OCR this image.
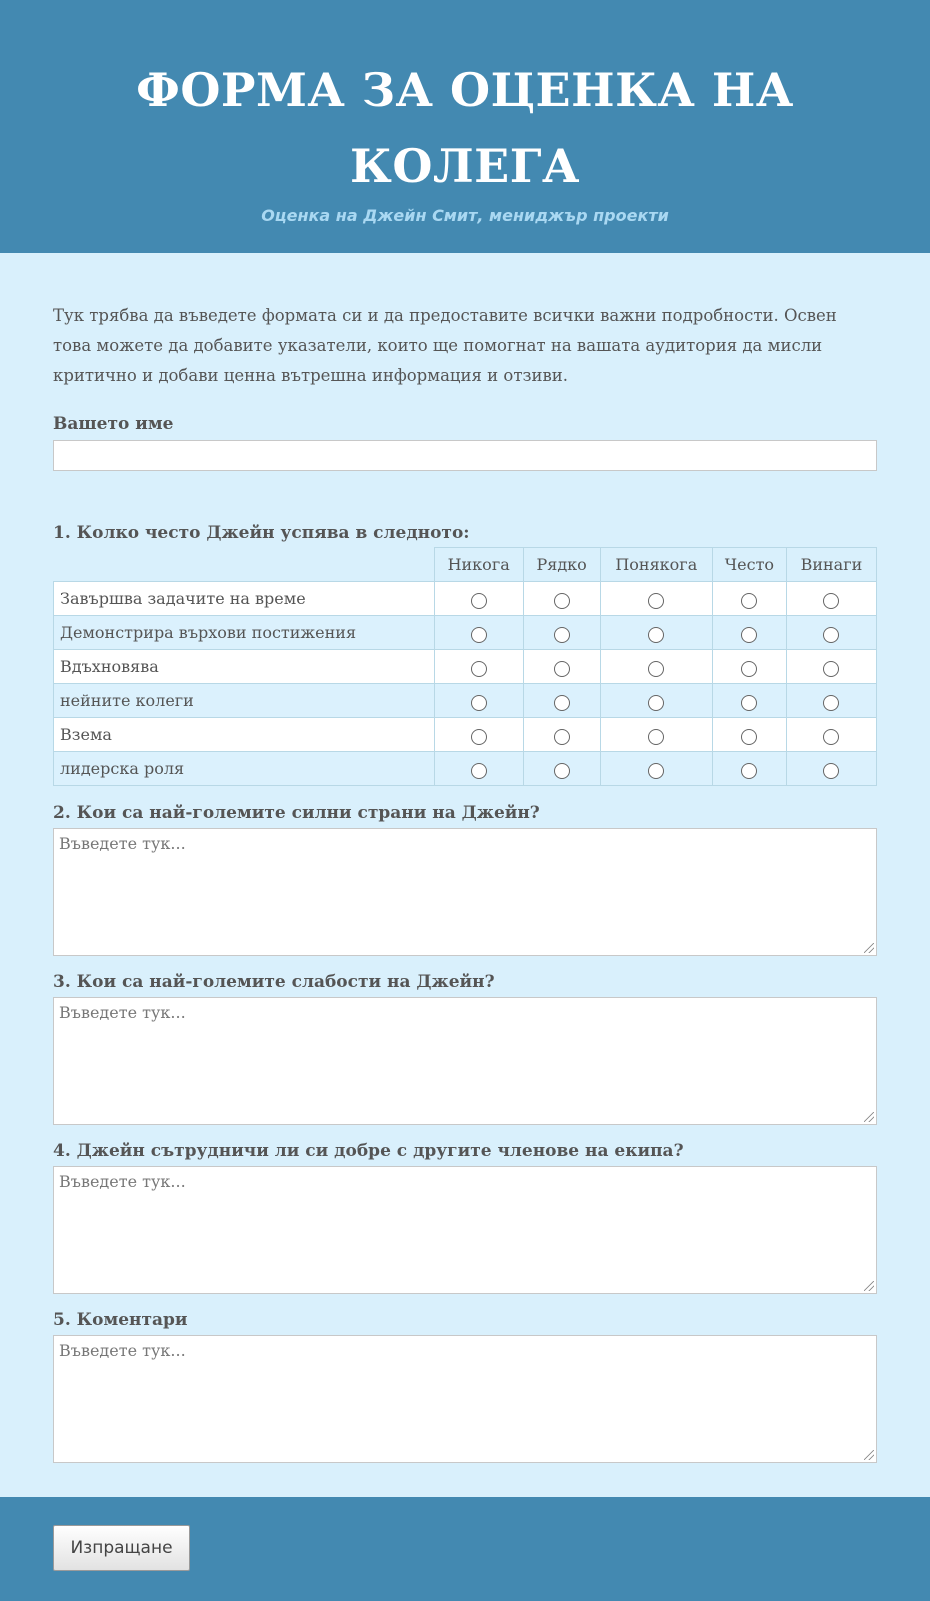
ФОРМА ЗА ОЦЕНКА НА КОЛЕГА
Оценка на Джейн Смит, мениджър проекти

Тук трябва да въведете формата си и да предоставите всички важни подробности. Освен това можете да добавите указатели, които ще помогнат на вашата аудитория да мисли критично и добави ценна вътрешна информация и отзиви.

Вашето име

1. Колко често Джейн успява в следното:

	Никога	Рядко	Понякога	Често	Винаги
Завършва задачите на време					
Демонстрира върхови постижения					
Вдъхновява					
нейните колеги					
Взема					
лидерска роля					

2. Кои са най-големите силни страни на Джейн?

Въведете тук...

3. Кои са най-големите слабости на Джейн?

Въведете тук...

4. Джейн сътрудничи ли си добре с другите членове на екипа?

Въведете тук...

5. Коментари

Въведете тук...
Изпращане
